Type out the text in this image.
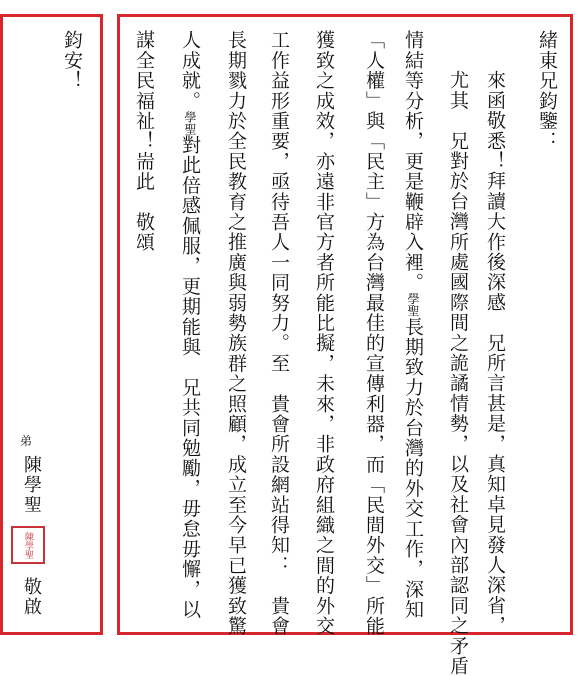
緒東兄鈞鑒：
來函敬悉！拜讀大作後深感　兄所言甚是，真知卓見發人深省，
尤其　兄對於台灣所處國際間之詭譎情勢，以及社會內部認同之矛盾
情結等分析，更是鞭辟入裡。學聖長期致力於台灣的外交工作，深知
「人權」與「民主」方為台灣最佳的宣傳利器，而「民間外交」所能
獲致之成效，亦遠非官方者所能比擬，未來，非政府組織之間的外交
工作益形重要，亟待吾人一同努力。至　貴會所設網站得知：　貴會
長期戮力於全民教育之推廣與弱勢族群之照顧，成立至今早已獲致驚
人成就。學聖對此倍感佩服，更期能與　兄共同勉勵，毋怠毋懈，以
謀全民福祉！耑此　敬頌
鈞安！
弟
陳學聖
陳學聖
敬啟
